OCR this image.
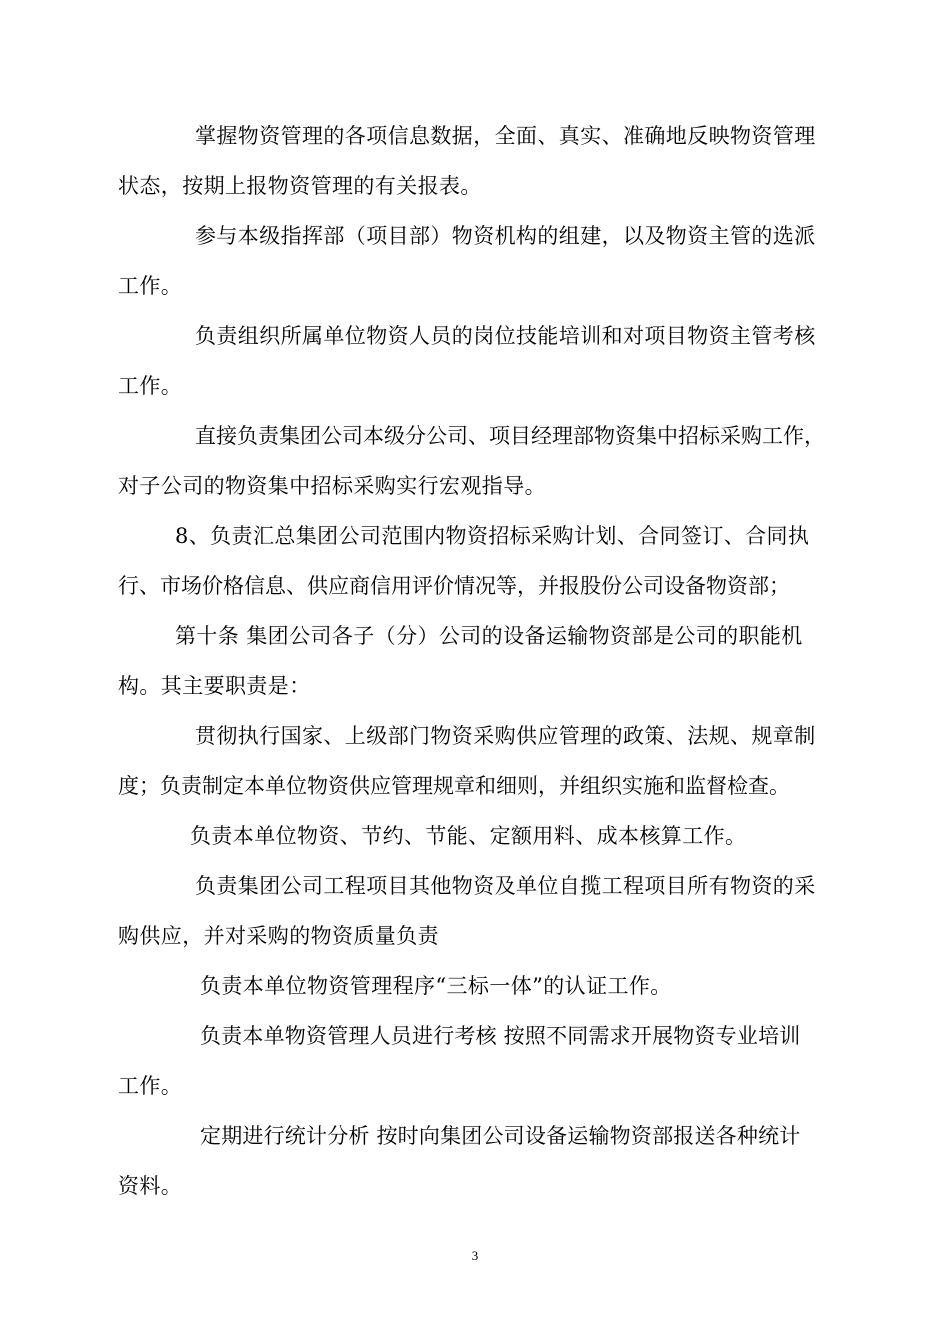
掌握物资管理的各项信息数据，全面、真实、准确地反映物资管理
状态，按期上报物资管理的有关报表。
参与本级指挥部（项目部）物资机构的组建，以及物资主管的选派
工作。
负责组织所属单位物资人员的岗位技能培训和对项目物资主管考核
工作。
直接负责集团公司本级分公司、项目经理部物资集中招标采购工作，
对子公司的物资集中招标采购实行宏观指导。
8、负责汇总集团公司范围内物资招标采购计划、合同签订、合同执
行、市场价格信息、供应商信用评价情况等，并报股份公司设备物资部；
第十条 集团公司各子（分）公司的设备运输物资部是公司的职能机
构。其主要职责是：
贯彻执行国家、上级部门物资采购供应管理的政策、法规、规章制
度；负责制定本单位物资供应管理规章和细则，并组织实施和监督检查。
负责本单位物资、节约、节能、定额用料、成本核算工作。
负责集团公司工程项目其他物资及单位自揽工程项目所有物资的采
购供应，并对采购的物资质量负责
负责本单位物资管理程序“三标一体”的认证工作。
负责本单物资管理人员进行考核 按照不同需求开展物资专业培训
工作。
定期进行统计分析 按时向集团公司设备运输物资部报送各种统计
资料。
3
